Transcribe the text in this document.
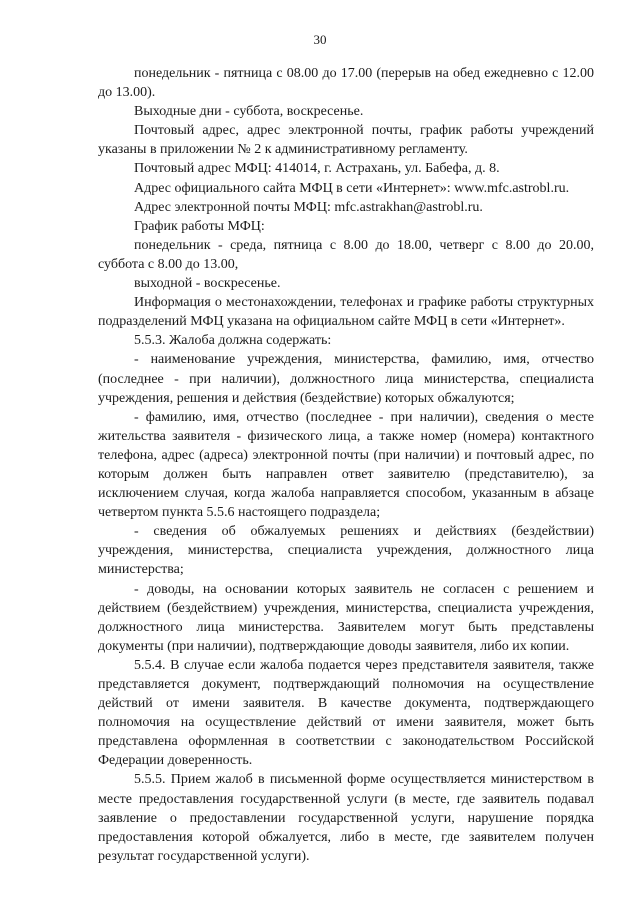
30

понедельник - пятница с 08.00 до 17.00 (перерыв на обед ежедневно с 12.00 до 13.00).

Выходные дни - суббота, воскресенье.

Почтовый адрес, адрес электронной почты, график работы учреждений указаны в приложении № 2 к административному регламенту.

Почтовый адрес МФЦ: 414014, г. Астрахань, ул. Бабефа, д. 8.

Адрес официального сайта МФЦ в сети «Интернет»: www.mfc.astrobl.ru.

Адрес электронной почты МФЦ: mfc.astrakhan@astrobl.ru.

График работы МФЦ:

понедельник - среда, пятница с 8.00 до 18.00, четверг с 8.00 до 20.00, суббота с 8.00 до 13.00,

выходной - воскресенье.

Информация о местонахождении, телефонах и графике работы структурных подразделений МФЦ указана на официальном сайте МФЦ в сети «Интернет».

5.5.3. Жалоба должна содержать:

- наименование учреждения, министерства, фамилию, имя, отчество (последнее - при наличии), должностного лица министерства, специалиста учреждения, решения и действия (бездействие) которых обжалуются;

- фамилию, имя, отчество (последнее - при наличии), сведения о месте жительства заявителя - физического лица, а также номер (номера) контактного телефона, адрес (адреса) электронной почты (при наличии) и почтовый адрес, по которым должен быть направлен ответ заявителю (представителю), за исключением случая, когда жалоба направляется способом, указанным в абзаце четвертом пункта 5.5.6 настоящего подраздела;

- сведения об обжалуемых решениях и действиях (бездействии) учреждения, министерства, специалиста учреждения, должностного лица министерства;

- доводы, на основании которых заявитель не согласен с решением и действием (бездействием) учреждения, министерства, специалиста учреждения, должностного лица министерства. Заявителем могут быть представлены документы (при наличии), подтверждающие доводы заявителя, либо их копии.

5.5.4. В случае если жалоба подается через представителя заявителя, также представляется документ, подтверждающий полномочия на осуществление действий от имени заявителя. В качестве документа, подтверждающего полномочия на осуществление действий от имени заявителя, может быть представлена оформленная в соответствии с законодательством Российской Федерации доверенность.

5.5.5. Прием жалоб в письменной форме осуществляется министерством в месте предоставления государственной услуги (в месте, где заявитель подавал заявление о предоставлении государственной услуги, нарушение порядка предоставления которой обжалуется, либо в месте, где заявителем получен результат государственной услуги).
